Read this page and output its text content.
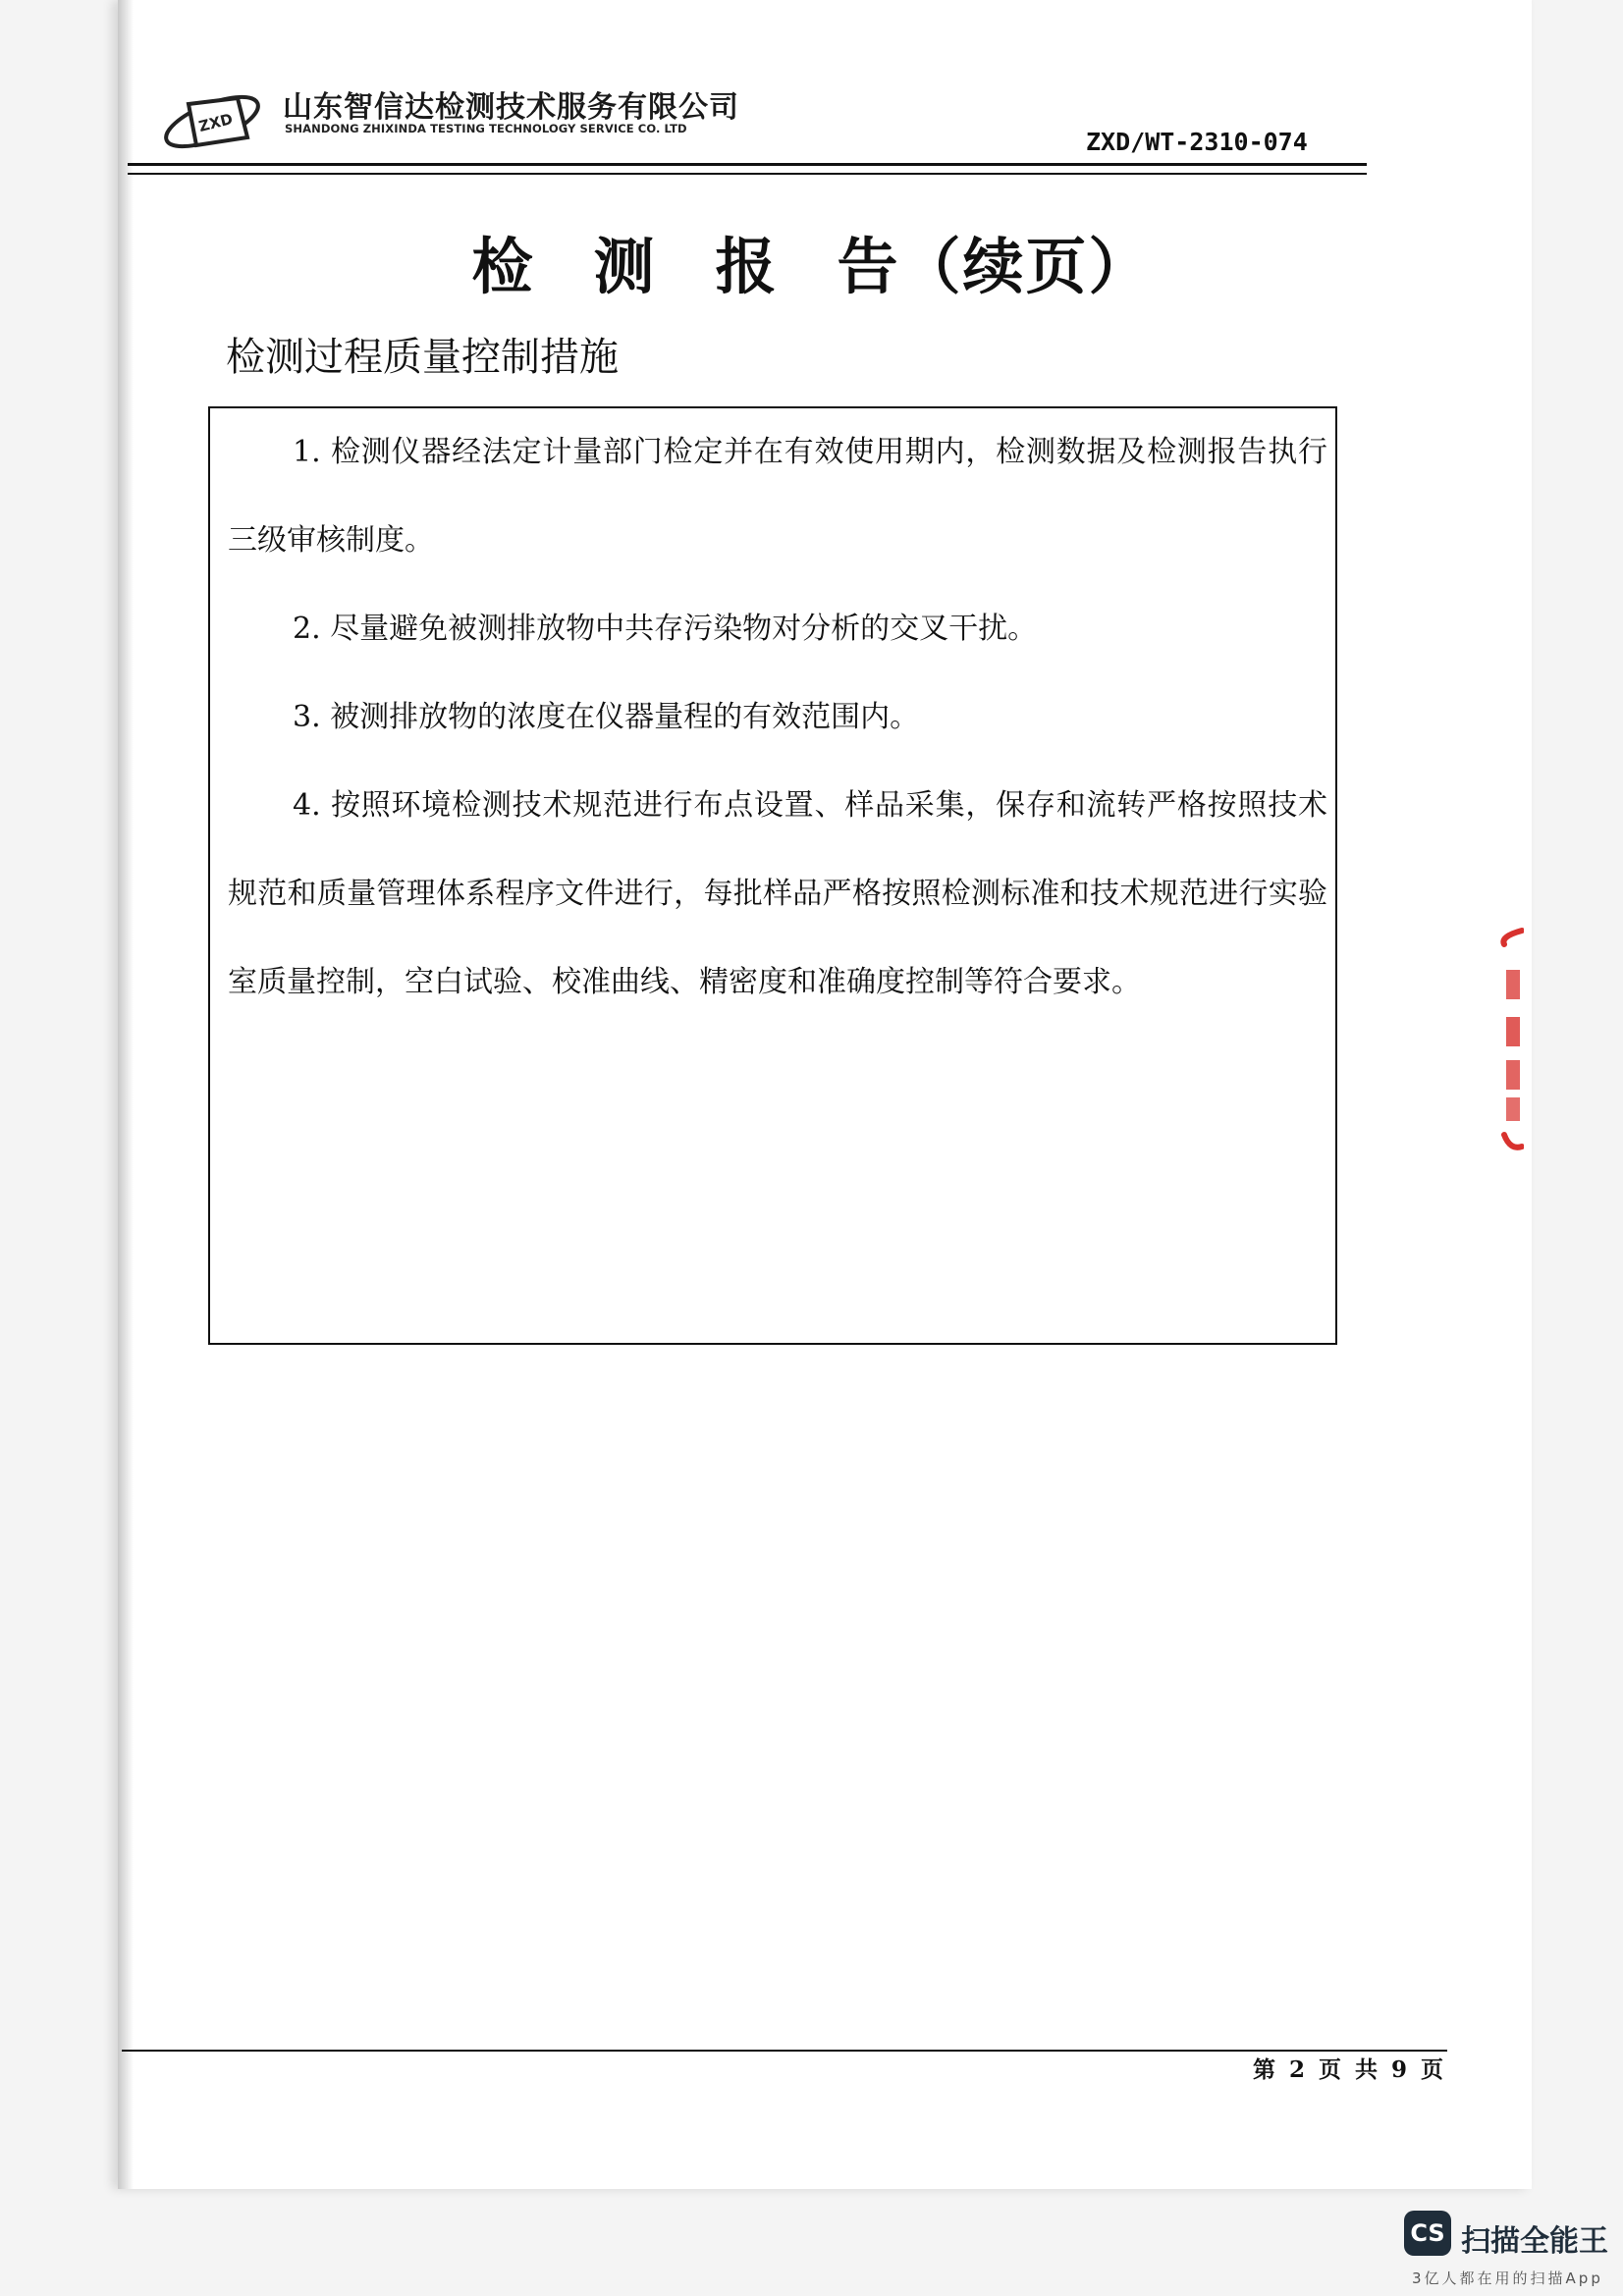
ZXD 山东智信达检测技术服务有限公司
SHANDONG ZHIXINDA TESTING TECHNOLOGY SERVICE CO. LTD	ZXD/WT-2310-074
检 测 报 告（续页）
检测过程质量控制措施

1. 检测仪器经法定计量部门检定并在有效使用期内，检测数据及检测报告执行三级审核制度。

2. 尽量避免被测排放物中共存污染物对分析的交叉干扰。

3. 被测排放物的浓度在仪器量程的有效范围内。

4. 按照环境检测技术规范进行布点设置、样品采集，保存和流转严格按照技术规范和质量管理体系程序文件进行，每批样品严格按照检测标准和技术规范进行实验室质量控制，空白试验、校准曲线、精密度和准确度控制等符合要求。

第 2 页 共 9 页
CS 扫描全能王
3亿人都在用的扫描App
